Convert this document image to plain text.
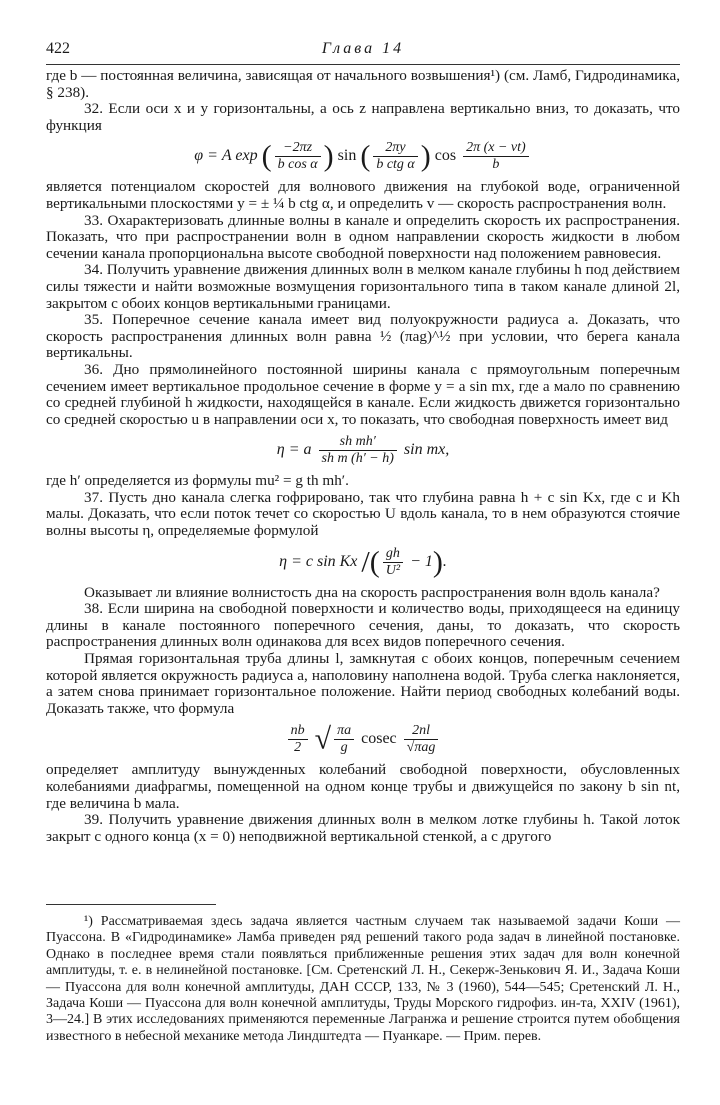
422	Глава 14

где b — постоянная величина, зависящая от начального возвышения¹) (см. Ламб, Гидродинамика, § 238).

32. Если оси x и y горизонтальны, а ось z направлена вертикально вниз, то доказать, что функция

φ = A exp ( $\frac{-2\pi z}{\text{b cos α}}$ ) sin ( $\frac{2\pi y}{\text{b ctg α}}$ ) $\cos \frac{2\pi (x - vt)}{b}$

является потенциалом скоростей для волнового движения на глубокой воде, ограниченной вертикальными плоскостями y = ± ¼ b ctg α, и определить v — скорость распространения волн.

33. Охарактеризовать длинные волны в канале и определить скорость их распространения. Показать, что при распространении волн в одном направлении скорость жидкости в любом сечении канала пропорциональна высоте свободной поверхности над положением равновесия.

34. Получить уравнение движения длинных волн в мелком канале глубины h под действием силы тяжести и найти возможные возмущения горизонтального типа в таком канале длиной 2l, закрытом с обоих концов вертикальными границами.

35. Поперечное сечение канала имеет вид полуокружности радиуса a. Доказать, что скорость распространения длинных волн равна ½ (πag)^½ при условии, что берега канала вертикальны.

36. Дно прямолинейного постоянной ширины канала с прямоугольным поперечным сечением имеет вертикальное продольное сечение в форме y = a sin mx, где a мало по сравнению со средней глубиной h жидкости, находящейся в канале. Если жидкость движется горизонтально со средней скоростью u в направлении оси x, то показать, что свободная поверхность имеет вид

η = a $\frac{\text{sh mh′}}{\text{sh m (h′ − h)}}$ sin mx,

где h′ определяется из формулы mu² = g th mh′.

37. Пусть дно канала слегка гофрировано, так что глубина равна h + c sin Kx, где c и Kh малы. Доказать, что если поток течет со скоростью U вдоль канала, то в нем образуются стоячие волны высоты η, определяемые формулой

η = c sin Kx /( $\frac{gh}{\text{U²}} - 1$).

Оказывает ли влияние волнистость дна на скорость распространения волн вдоль канала?

38. Если ширина на свободной поверхности и количество воды, приходящееся на единицу длины в канале постоянного поперечного сечения, даны, то доказать, что скорость распространения длинных волн одинакова для всех видов поперечного сечения.

Прямая горизонтальная труба длины l, замкнутая с обоих концов, поперечным сечением которой является окружность радиуса a, наполовину наполнена водой. Труба слегка наклоняется, а затем снова принимает горизонтальное положение. Найти период свободных колебаний воды. Доказать также, что формула

$\frac{nb}{2}$ √ $\frac{\pi a}{g}$ cosec $\frac{2nl}{\text{√πag}}$

определяет амплитуду вынужденных колебаний свободной поверхности, обусловленных колебаниями диафрагмы, помещенной на одном конце трубы и движущейся по закону b sin nt, где величина b мала.

39. Получить уравнение движения длинных волн в мелком лотке глубины h. Такой лоток закрыт с одного конца (x = 0) неподвижной вертикальной стенкой, а с другого

¹) Рассматриваемая здесь задача является частным случаем так называемой задачи Коши — Пуассона. В «Гидродинамике» Ламба приведен ряд решений такого рода задач в линейной постановке. Однако в последнее время стали появляться приближенные решения этих задач для волн конечной амплитуды, т. е. в нелинейной постановке. [См. Сретенский Л. Н., Секерж-Зенькович Я. И., Задача Коши — Пуассона для волн конечной амплитуды, ДАН СССР, 133, № 3 (1960), 544—545; Сретенский Л. Н., Задача Коши — Пуассона для волн конечной амплитуды, Труды Морского гидрофиз. ин-та, XXIV (1961), 3—24.] В этих исследованиях применяются переменные Лагранжа и решение строится путем обобщения известного в небесной механике метода Линдштедта — Пуанкаре. — Прим. перев.
